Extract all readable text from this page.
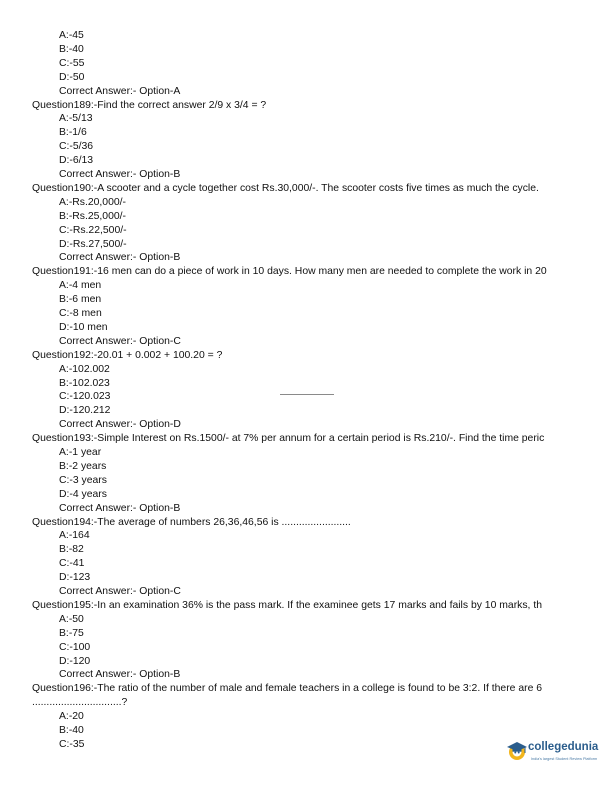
A:-45
B:-40
C:-55
D:-50
Correct Answer:- Option-A
Question189:-Find the correct answer 2/9 x 3/4 = ?
A:-5/13
B:-1/6
C:-5/36
D:-6/13
Correct Answer:- Option-B
Question190:-A scooter and a cycle together cost Rs.30,000/-. The scooter costs five times as much the cycle.
A:-Rs.20,000/-
B:-Rs.25,000/-
C:-Rs.22,500/-
D:-Rs.27,500/-
Correct Answer:- Option-B
Question191:-16 men can do a piece of work in 10 days. How many men are needed to complete the work in 20
A:-4 men
B:-6 men
C:-8 men
D:-10 men
Correct Answer:- Option-C
Question192:-20.01 + 0.002 + 100.20 = ?
A:-102.002
B:-102.023
C:-120.023
D:-120.212
Correct Answer:- Option-D
Question193:-Simple Interest on Rs.1500/- at 7% per annum for a certain period is Rs.210/-. Find the time peric
A:-1 year
B:-2 years
C:-3 years
D:-4 years
Correct Answer:- Option-B
Question194:-The average of numbers 26,36,46,56 is ........................
A:-164
B:-82
C:-41
D:-123
Correct Answer:- Option-C
Question195:-In an examination 36% is the pass mark. If the examinee gets 17 marks and fails by 10 marks, th
A:-50
B:-75
C:-100
D:-120
Correct Answer:- Option-B
Question196:-The ratio of the number of male and female teachers in a college is found to be 3:2. If there are 6
...............................?
A:-20
B:-40
C:-35	collegedunia
India's largest Student Review Platform
